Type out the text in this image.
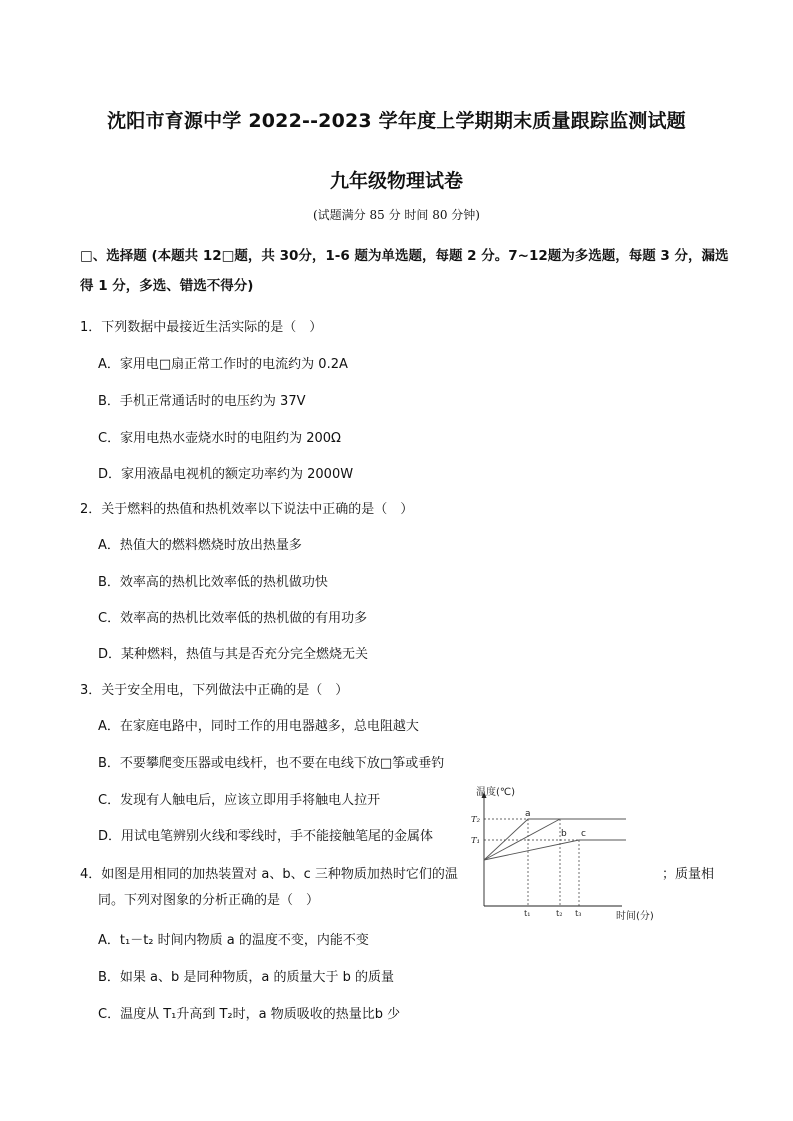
沈阳市育源中学 2022--2023 学年度上学期期末质量跟踪监测试题
九年级物理试卷
(试题满分 85 分 时间 80 分钟)
□、选择题 (本题共 12□题，共 30分，1-6 题为单选题，每题 2 分。7~12题为多选题，每题 3 分，漏选
得 1 分，多选、错选不得分)
1．下列数据中最接近生活实际的是（　）
A．家用电□扇正常工作时的电流约为 0.2A
B．手机正常通话时的电压约为 37V
C．家用电热水壶烧水时的电阻约为 200Ω
D．家用液晶电视机的额定功率约为 2000W
2．关于燃料的热值和热机效率以下说法中正确的是（　）
A．热值大的燃料燃烧时放出热量多
B．效率高的热机比效率低的热机做功快
C．效率高的热机比效率低的热机做的有用功多
D．某种燃料，热值与其是否充分完全燃烧无关
3．关于安全用电，下列做法中正确的是（　）
A．在家庭电路中，同时工作的用电器越多，总电阻越大
B．不要攀爬变压器或电线杆，也不要在电线下放□筝或垂钓
C．发现有人触电后，应该立即用手将触电人拉开
D．用试电笔辨别火线和零线时，手不能接触笔尾的金属体
4．如图是用相同的加热装置对 a、b、c 三种物质加热时它们的温	；质量相
同。下列对图象的分析正确的是（　）
A．t₁－t₂ 时间内物质 a 的温度不变，内能不变
B．如果 a、b 是同种物质，a 的质量大于 b 的质量
C．温度从 T₁升高到 T₂时，a 物质吸收的热量比b 少
温度(℃)
时间(分)
T₂
T₁
t₁	t₂ t₃
a
b c
